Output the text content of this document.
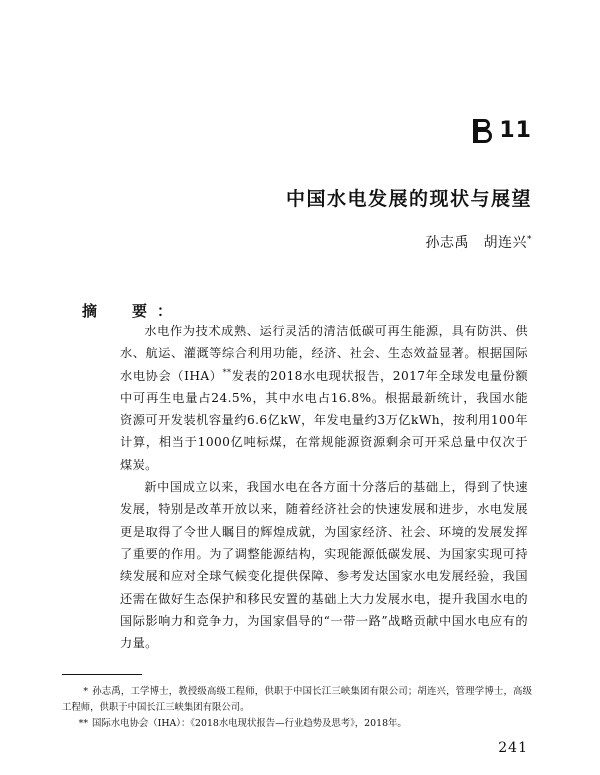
11
中国水电发展的现状与展望
孙志禹　胡连兴*
摘　要：

水电作为技术成熟、运行灵活的清洁低碳可再生能源，具有防洪、供水、航运、灌溉等综合利用功能，经济、社会、生态效益显著。根据国际水电协会（IHA）**发表的2018水电现状报告，2017年全球发电量份额中可再生电量占24.5%，其中水电占16.8%。根据最新统计，我国水能资源可开发装机容量约6.6亿kW，年发电量约3万亿kWh，按利用100年计算，相当于1000亿吨标煤，在常规能源资源剩余可开采总量中仅次于煤炭。

新中国成立以来，我国水电在各方面十分落后的基础上，得到了快速发展，特别是改革开放以来，随着经济社会的快速发展和进步，水电发展更是取得了令世人瞩目的辉煌成就，为国家经济、社会、环境的发展发挥了重要的作用。为了调整能源结构，实现能源低碳发展、为国家实现可持续发展和应对全球气候变化提供保障、参考发达国家水电发展经验，我国还需在做好生态保护和移民安置的基础上大力发展水电，提升我国水电的国际影响力和竞争力，为国家倡导的“一带一路”战略贡献中国水电应有的力量。

* 孙志禹，工学博士，教授级高级工程师，供职于中国长江三峡集团有限公司；胡连兴，管理学博士，高级工程师，供职于中国长江三峡集团有限公司。

** 国际水电协会（IHA）：《2018水电现状报告—行业趋势及思考》，2018年。

241
